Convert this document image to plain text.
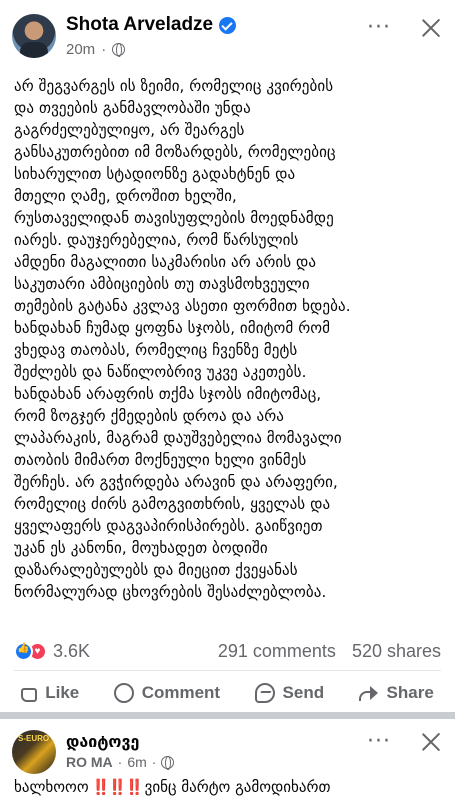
Shota Arveladze
20m ·
···
არ შეგვარგეს ის ზეიმი, რომელიც კვირების
და თვეების განმავლობაში უნდა
გაგრძელებულიყო, არ შეარგეს
განსაკუთრებით იმ მოზარდებს, რომელებიც
სიხარულით სტადიონზე გადახტნენ და
მთელი ღამე, დროშით ხელში,
რუსთაველიდან თავისუფლების მოედნამდე
იარეს. დაუჯერებელია, რომ წარსულის
ამდენი მაგალითი საკმარისი არ არის და
საკუთარი ამბიციების თუ თავსმოხვეული
თემების გატანა კვლავ ასეთი ფორმით ხდება.
ხანდახან ჩუმად ყოფნა სჯობს, იმიტომ რომ
ვხედავ თაობას, რომელიც ჩვენზე მეტს
შეძლებს და ნაწილობრივ უკვე აკეთებს.
ხანდახან არაფრის თქმა სჯობს იმიტომაც,
რომ ზოგჯერ ქმედების დროა და არა
ლაპარაკის, მაგრამ დაუშვებელია მომავალი
თაობის მიმართ მოქნეული ხელი ვინმეს
შერჩეს. არ გვჭირდება არავინ და არაფერი,
რომელიც ძირს გამოგვითხრის, ყველას და
ყველაფერს დაგვაპირისპირებს. გაიწვიეთ
უკან ეს კანონი, მოუხადეთ ბოდიში
დაზარალებულებს და მიეცით ქვეყანას
ნორმალურად ცხოვრების შესაძლებლობა.
👍
♥ 3.6K	291 comments 520 shares
Like	Comment	Send	Share
S-EURO დაიტოვე
RO MA · 6m ·
···
ხალხოოო ‼️‼️‼️ ვინც მარტო გამოდიხართ
